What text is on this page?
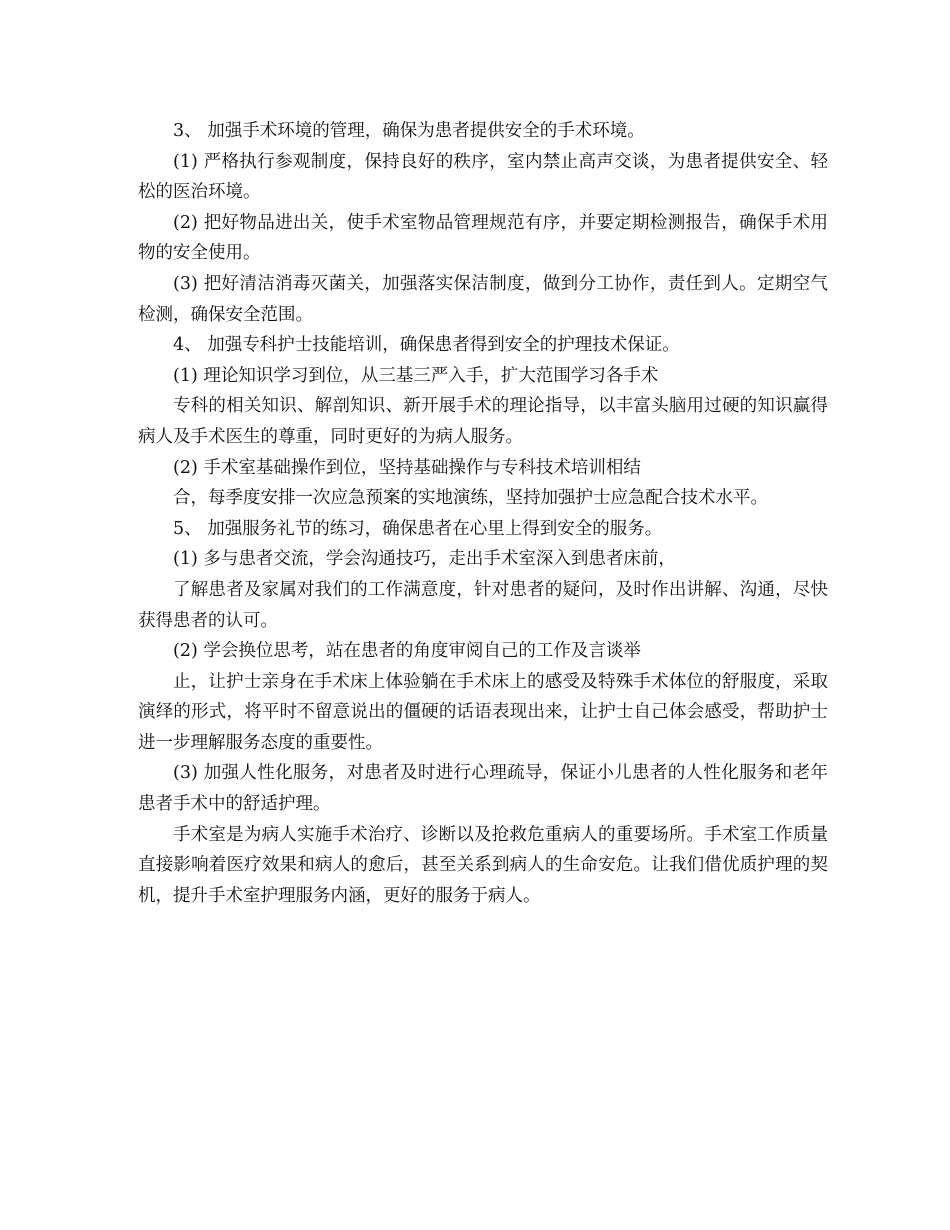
3、 加强手术环境的管理，确保为患者提供安全的手术环境。

(1) 严格执行参观制度，保持良好的秩序，室内禁止高声交谈，为患者提供安全、轻松的医治环境。

(2) 把好物品进出关，使手术室物品管理规范有序，并要定期检测报告，确保手术用物的安全使用。

(3) 把好清洁消毒灭菌关，加强落实保洁制度，做到分工协作，责任到人。定期空气检测，确保安全范围。

4、 加强专科护士技能培训，确保患者得到安全的护理技术保证。

(1) 理论知识学习到位，从三基三严入手，扩大范围学习各手术

专科的相关知识、解剖知识、新开展手术的理论指导，以丰富头脑用过硬的知识赢得病人及手术医生的尊重，同时更好的为病人服务。

(2) 手术室基础操作到位，坚持基础操作与专科技术培训相结

合，每季度安排一次应急预案的实地演练，坚持加强护士应急配合技术水平。

5、 加强服务礼节的练习，确保患者在心里上得到安全的服务。

(1) 多与患者交流，学会沟通技巧，走出手术室深入到患者床前，

了解患者及家属对我们的工作满意度，针对患者的疑问，及时作出讲解、沟通，尽快获得患者的认可。

(2) 学会换位思考，站在患者的角度审阅自己的工作及言谈举

止，让护士亲身在手术床上体验躺在手术床上的感受及特殊手术体位的舒服度，采取演绎的形式，将平时不留意说出的僵硬的话语表现出来，让护士自己体会感受，帮助护士进一步理解服务态度的重要性。

(3) 加强人性化服务，对患者及时进行心理疏导，保证小儿患者的人性化服务和老年患者手术中的舒适护理。

手术室是为病人实施手术治疗、诊断以及抢救危重病人的重要场所。手术室工作质量直接影响着医疗效果和病人的愈后，甚至关系到病人的生命安危。让我们借优质护理的契机，提升手术室护理服务内涵，更好的服务于病人。
